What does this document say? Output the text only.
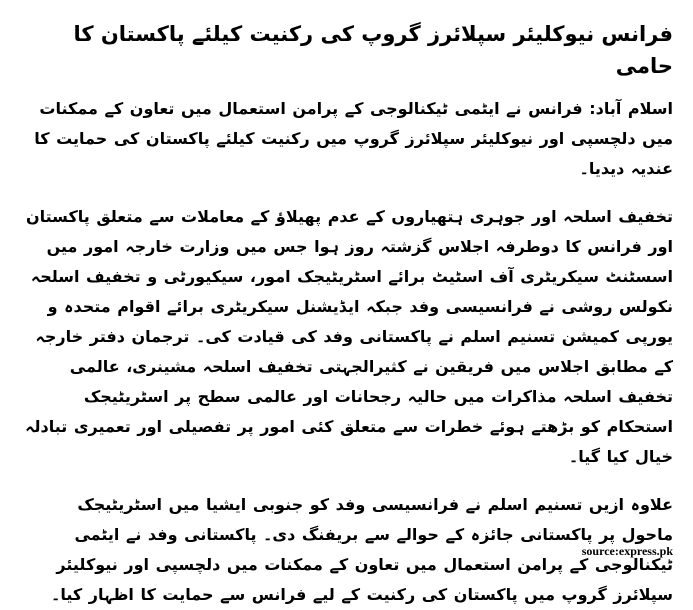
فرانس نیوکلیئر سپلائرز گروپ کی رکنیت کیلئے پاکستان کا حامی

اسلام آباد: فرانس نے ایٹمی ٹیکنالوجی کے پرامن استعمال میں تعاون کے ممکنات میں دلچسپی اور نیوکلیئر سپلائرز گروپ میں رکنیت کیلئے پاکستان کی حمایت کا عندیہ دیدیا۔

تخفیف اسلحہ اور جوہری ہتھیاروں کے عدم پھیلاؤ کے معاملات سے متعلق پاکستان اور فرانس کا دوطرفہ اجلاس گزشتہ روز ہوا جس میں وزارت خارجہ امور میں اسسٹنٹ سیکریٹری آف اسٹیٹ برائے اسٹریٹیجک امور، سیکیورٹی و تخفیف اسلحہ نکولس روشی نے فرانسیسی وفد جبکہ ایڈیشنل سیکریٹری برائے اقوام متحدہ و یورپی کمیشن تسنیم اسلم نے پاکستانی وفد کی قیادت کی۔ ترجمان دفتر خارجہ کے مطابق اجلاس میں فریقین نے کثیرالجہتی تخفیف اسلحہ مشینری، عالمی تخفیف اسلحہ مذاکرات میں حالیہ رجحانات اور عالمی سطح پر اسٹریٹیجک استحکام کو بڑھتے ہوئے خطرات سے متعلق کئی امور پر تفصیلی اور تعمیری تبادلہ خیال کیا گیا۔

علاوہ ازیں تسنیم اسلم نے فرانسیسی وفد کو جنوبی ایشیا میں اسٹریٹیجک ماحول پر پاکستانی جائزہ کے حوالے سے بریفنگ دی۔ پاکستانی وفد نے ایٹمی ٹیکنالوجی کے پرامن استعمال میں تعاون کے ممکنات میں دلچسپی اور نیوکلیئر سپلائرز گروپ میں پاکستان کی رکنیت کے لیے فرانس سے حمایت کا اظہار کیا۔

source:express.pk
